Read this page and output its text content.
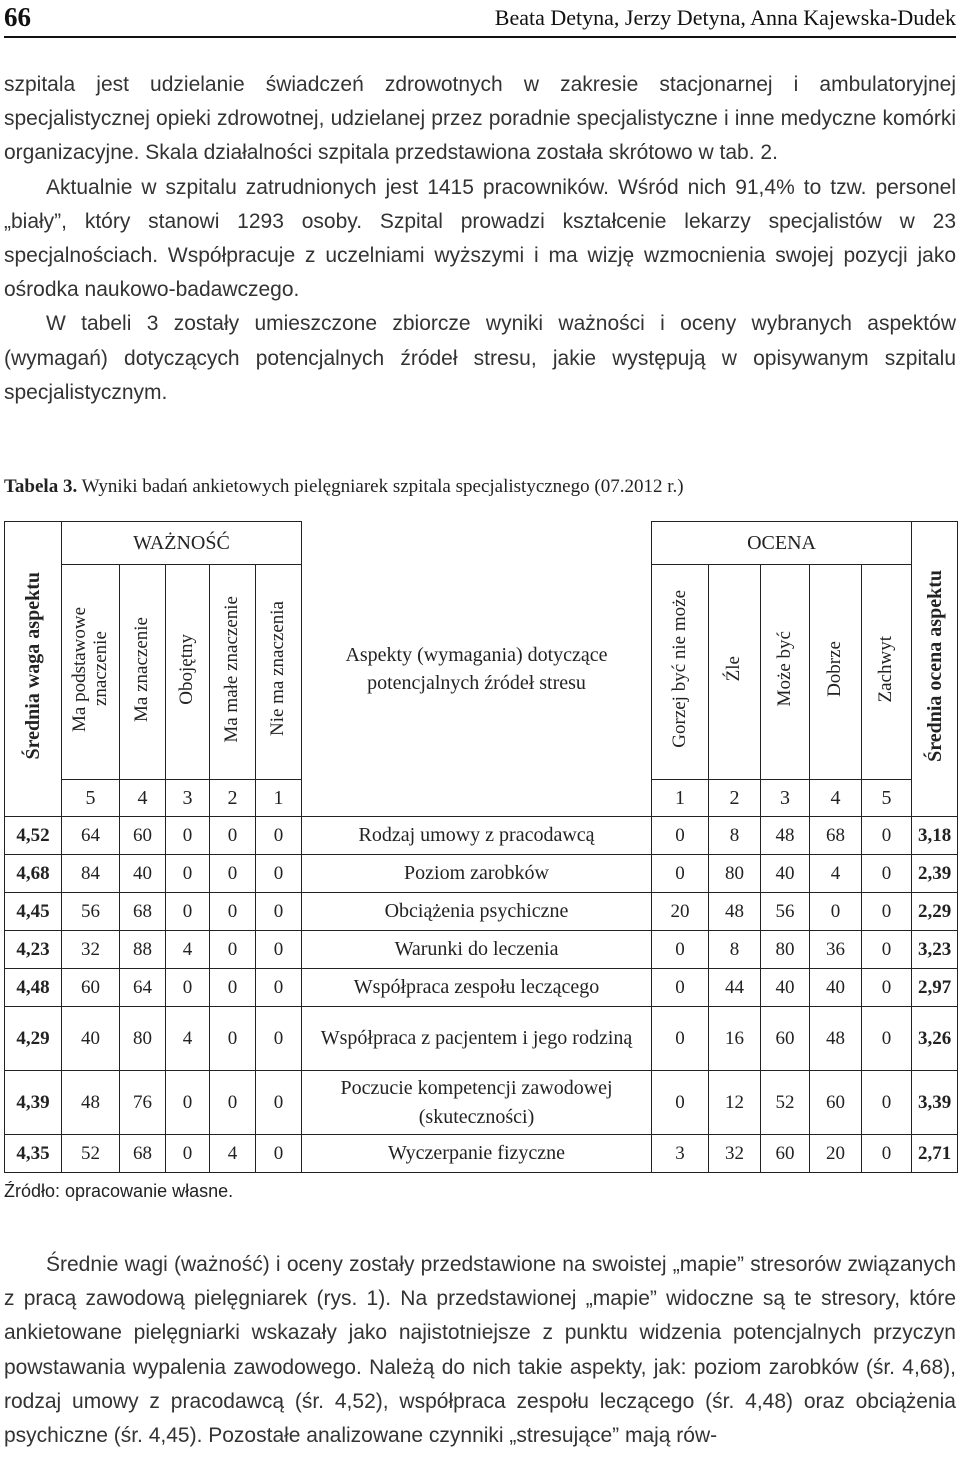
66	Beata Detyna, Jerzy Detyna, Anna Kajewska-Dudek

szpitala jest udzielanie świadczeń zdrowotnych w zakresie stacjonarnej i ambulatoryjnej specjalistycznej opieki zdrowotnej, udzielanej przez poradnie specjalistyczne i inne medyczne komórki organizacyjne. Skala działalności szpitala przedstawiona została skrótowo w tab. 2.

Aktualnie w szpitalu zatrudnionych jest 1415 pracowników. Wśród nich 91,4% to tzw. personel „biały”, który stanowi 1293 osoby. Szpital prowadzi kształcenie lekarzy specjalistów w 23 specjalnościach. Współpracuje z uczelniami wyższymi i ma wizję wzmocnienia swojej pozycji jako ośrodka naukowo-badawczego.

W tabeli 3 zostały umieszczone zbiorcze wyniki ważności i oceny wybranych aspektów (wymagań) dotyczących potencjalnych źródeł stresu, jakie występują w opisywanym szpitalu specjalistycznym.

Tabela 3. Wyniki badań ankietowych pielęgniarek szpitala specjalistycznego (07.2012 r.)
Średnia waga aspektu	WAŻNOŚĆ					Aspekty (wymagania) dotyczące potencjalnych źródeł stresu	OCENA					Średnia ocena aspektu
	Ma podstawowe znaczenie	Ma znaczenie	Obojętny	Ma małe znaczenie	Nie ma znaczenia		Gorzej być nie może	Źle	Może być	Dobrze	Zachwyt	
	5	4	3	2	1		1	2	3	4	5	
4,52	64	60	0	0	0	Rodzaj umowy z pracodawcą	0	8	48	68	0	3,18
4,68	84	40	0	0	0	Poziom zarobków	0	80	40	4	0	2,39
4,45	56	68	0	0	0	Obciążenia psychiczne	20	48	56	0	0	2,29
4,23	32	88	4	0	0	Warunki do leczenia	0	8	80	36	0	3,23
4,48	60	64	0	0	0	Współpraca zespołu leczącego	0	44	40	40	0	2,97
4,29	40	80	4	0	0	Współpraca z pacjentem i jego rodziną	0	16	60	48	0	3,26
4,39	48	76	0	0	0	Poczucie kompetencji zawodowej (skuteczności)	0	12	52	60	0	3,39
4,35	52	68	0	4	0	Wyczerpanie fizyczne	3	32	60	20	0	2,71
Źródło: opracowanie własne.

Średnie wagi (ważność) i oceny zostały przedstawione na swoistej „mapie” stresorów związanych z pracą zawodową pielęgniarek (rys. 1). Na przedstawionej „mapie” widoczne są te stresory, które ankietowane pielęgniarki wskazały jako najistotniejsze z punktu widzenia potencjalnych przyczyn powstawania wypalenia zawodowego. Należą do nich takie aspekty, jak: poziom zarobków (śr. 4,68), rodzaj umowy z pracodawcą (śr. 4,52), współpraca zespołu leczącego (śr. 4,48) oraz obciążenia psychiczne (śr. 4,45). Pozostałe analizowane czynniki „stresujące” mają rów-
